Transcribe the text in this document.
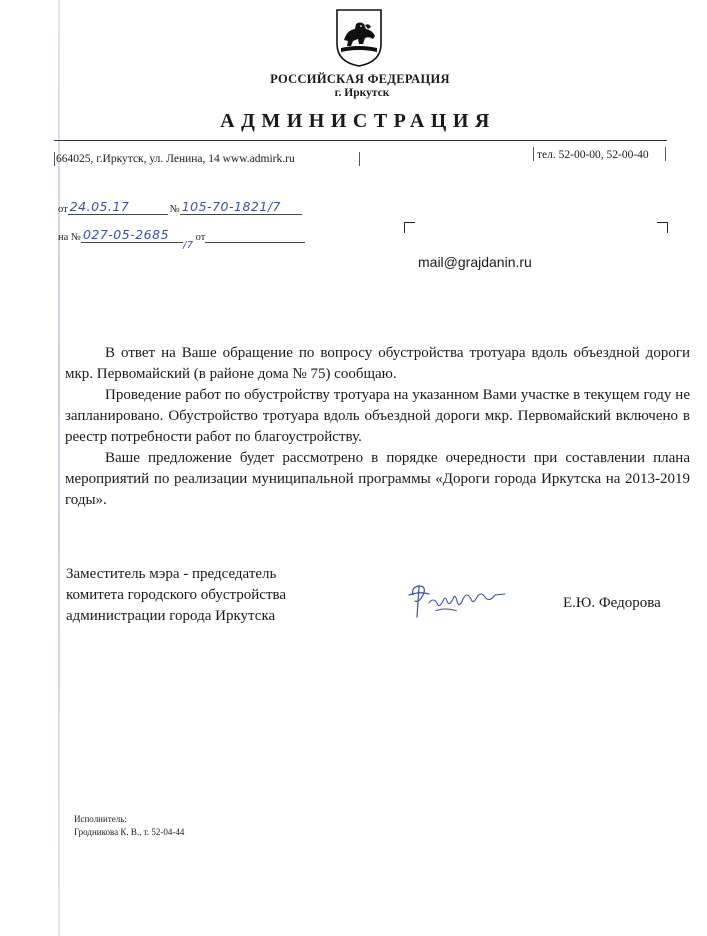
РОССИЙСКАЯ ФЕДЕРАЦИЯ
г. Иркутск
АДМИНИСТРАЦИЯ
664025, г.Иркутск, ул. Ленина, 14 www.admirk.ru	тел. 52-00-00, 52-00-40
от 24.05.17	№ 105-70-1821/7
на № 027-05-2685
/7
от
mail@grajdanin.ru

В ответ на Ваше обращение по вопросу обустройства тротуара вдоль объездной дороги мкр. Первомайский (в районе дома № 75) сообщаю.

Проведение работ по обустройству тротуара на указанном Вами участке в текущем году не запланировано. Обустройство тротуара вдоль объездной дороги мкр. Первомайский включено в реестр потребности работ по благоустройству.

Ваше предложение будет рассмотрено в порядке очередности при составлении плана мероприятий по реализации муниципальной программы «Дороги города Иркутска на 2013-2019 годы».

Заместитель мэра - председатель
комитета городского обустройства
администрации города Иркутска
Е.Ю. Федорова
Исполнитель:
Гродникова К. В., т. 52-04-44
